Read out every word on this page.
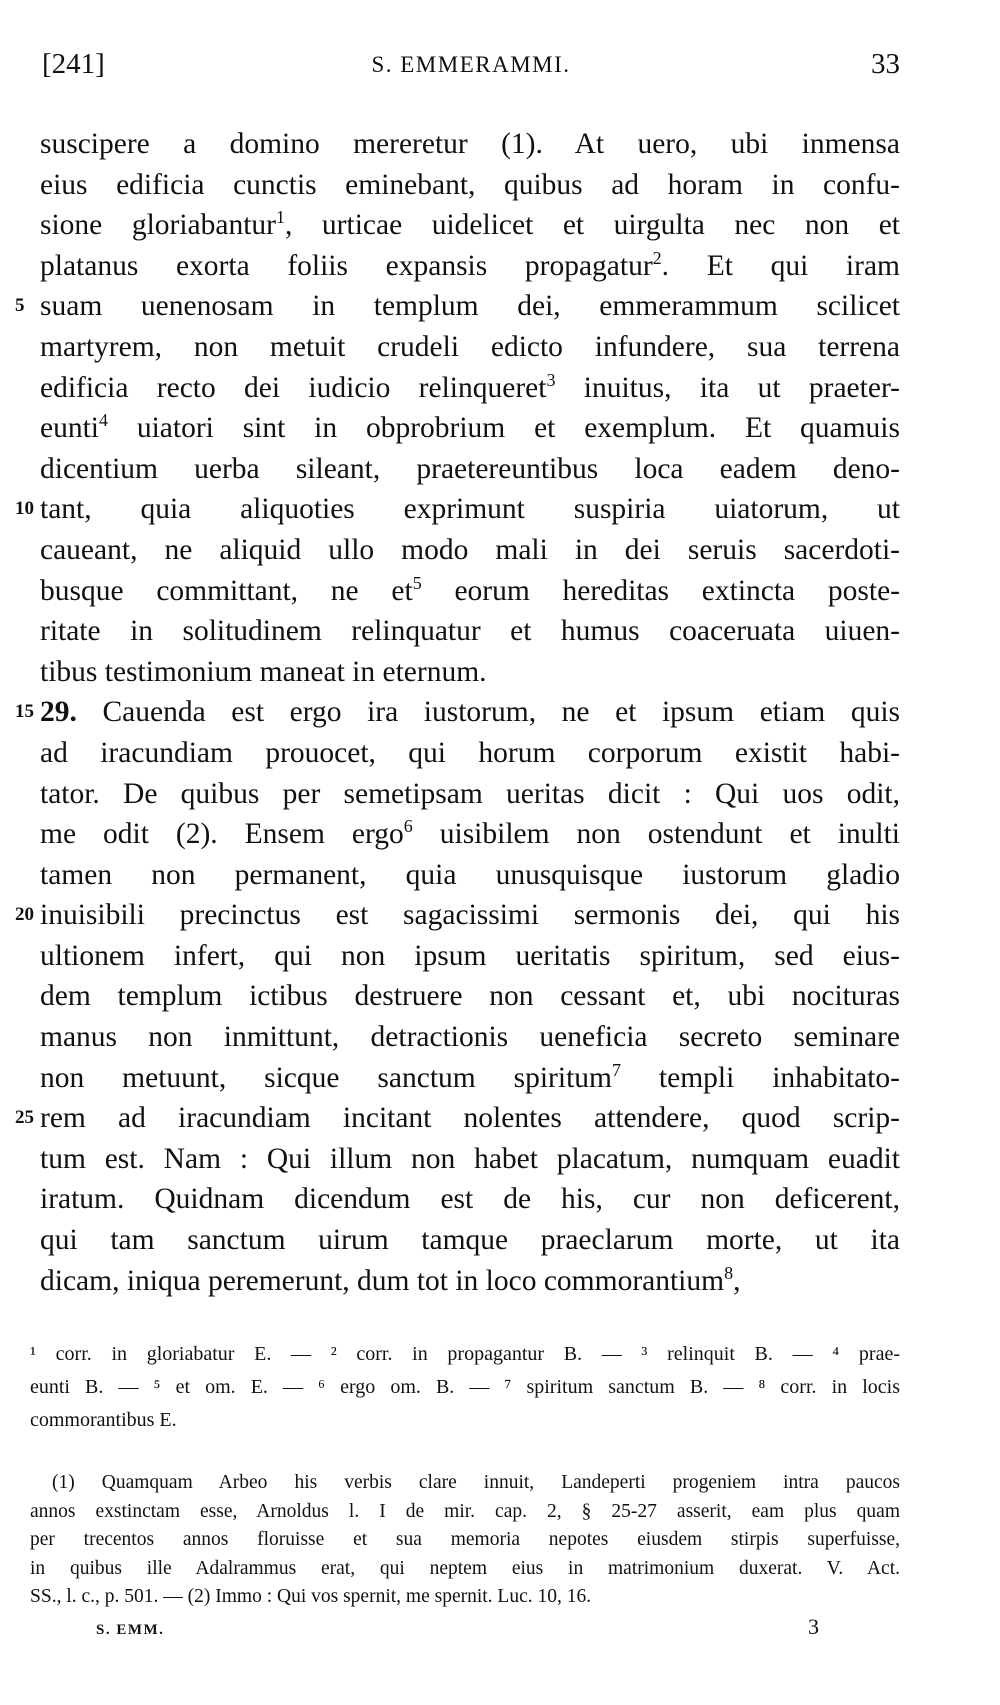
[241]	S. EMMERAMMI.	33
suscipere a domino mereretur (1). At uero, ubi inmensa
eius edificia cunctis eminebant, quibus ad horam in confu-
sione gloriabantur$^1$, urticae uidelicet et uirgulta nec non et
platanus exorta foliis expansis propagatur$^2$. Et qui iram
5 suam uenenosam in templum dei, emmerammum scilicet
martyrem, non metuit crudeli edicto infundere, sua terrena
edificia recto dei iudicio relinqueret$^3$ inuitus, ita ut praeter-
eunti$^4$ uiatori sint in obprobrium et exemplum. Et quamuis
dicentium uerba sileant, praetereuntibus loca eadem deno-
10 tant, quia aliquoties exprimunt suspiria uiatorum, ut
caueant, ne aliquid ullo modo mali in dei seruis sacerdoti-
busque committant, ne $et^5$ eorum hereditas extincta poste-
ritate in solitudinem relinquatur et humus coaceruata uiuen-
tibus testimonium maneat in eternum.
15 29. Cauenda est ergo ira iustorum, ne et ipsum etiam quis
ad iracundiam prouocet, qui horum corporum existit habi-
tator. De quibus per semetipsam ueritas dicit : Qui uos odit,
me odit (2). Ensem ergo$^6$ uisibilem non ostendunt et inulti
tamen non permanent, quia unusquisque iustorum gladio
20 inuisibili precinctus est sagacissimi sermonis dei, qui his
ultionem infert, qui non ipsum ueritatis spiritum, sed eius-
dem templum ictibus destruere non cessant et, ubi nocituras
manus non inmittunt, detractionis ueneficia secreto seminare
non metuunt, sicque sanctum spiritum$^7$ templi inhabitato-
25 rem ad iracundiam incitant nolentes attendere, quod scrip-
tum est. Nam : Qui illum non habet placatum, numquam euadit
iratum. Quidnam dicendum est de his, cur non deficerent,
qui tam sanctum uirum tamque praeclarum morte, ut ita
dicam, iniqua peremerunt, dum tot in loco commorantium$^8$,
¹ corr. in gloriabatur E. — ² corr. in propagantur B. — ³ relinquit B. — ⁴ prae-
eunti B. — ⁵ et om. E. — ⁶ ergo om. B. — ⁷ spiritum sanctum B. — ⁸ corr. in locis
commorantibus E.
(1) Quamquam Arbeo his verbis clare innuit, Landeperti progeniem intra paucos
annos exstinctam esse, Arnoldus l. I de mir. cap. 2, § 25-27 asserit, eam plus quam
per trecentos annos floruisse et sua memoria nepotes eiusdem stirpis superfuisse,
in quibus ille Adalrammus erat, qui neptem eius in matrimonium duxerat. V. Act.
SS., l. c., p. 501. — (2) Immo : Qui vos spernit, me spernit. Luc. 10, 16.
S. EMM.	3
